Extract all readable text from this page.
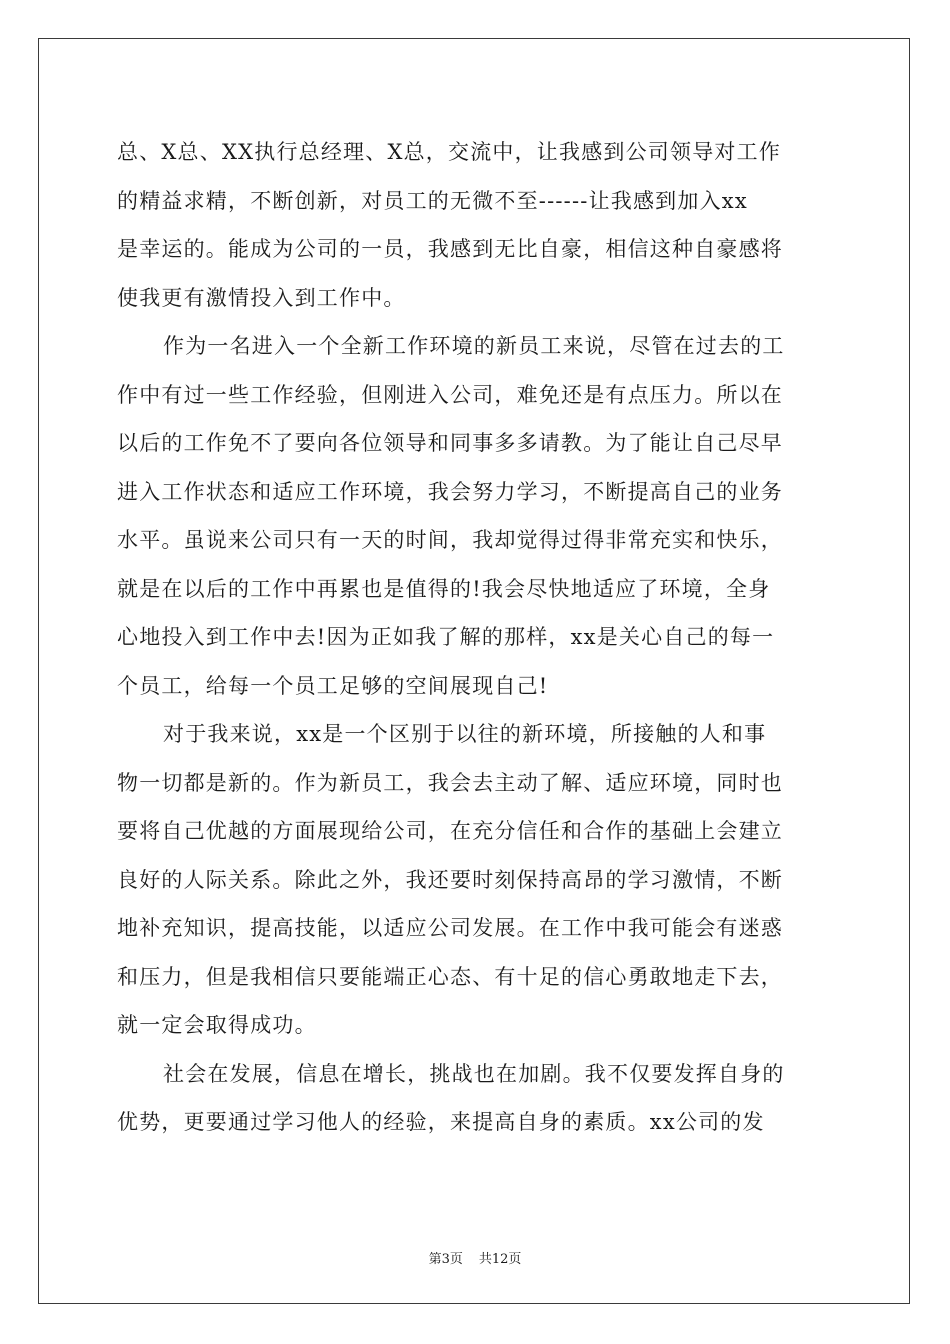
总、X总、XX执行总经理、X总，交流中，让我感到公司领导对工作
的精益求精，不断创新，对员工的无微不至------让我感到加入xx
是幸运的。能成为公司的一员，我感到无比自豪，相信这种自豪感将
使我更有激情投入到工作中。
作为一名进入一个全新工作环境的新员工来说，尽管在过去的工
作中有过一些工作经验，但刚进入公司，难免还是有点压力。所以在
以后的工作免不了要向各位领导和同事多多请教。为了能让自己尽早
进入工作状态和适应工作环境，我会努力学习，不断提高自己的业务
水平。虽说来公司只有一天的时间，我却觉得过得非常充实和快乐，
就是在以后的工作中再累也是值得的!我会尽快地适应了环境，全身
心地投入到工作中去!因为正如我了解的那样，xx是关心自己的每一
个员工，给每一个员工足够的空间展现自己!
对于我来说，xx是一个区别于以往的新环境，所接触的人和事
物一切都是新的。作为新员工，我会去主动了解、适应环境，同时也
要将自己优越的方面展现给公司，在充分信任和合作的基础上会建立
良好的人际关系。除此之外，我还要时刻保持高昂的学习激情，不断
地补充知识，提高技能，以适应公司发展。在工作中我可能会有迷惑
和压力，但是我相信只要能端正心态、有十足的信心勇敢地走下去，
就一定会取得成功。
社会在发展，信息在增长，挑战也在加剧。我不仅要发挥自身的
优势，更要通过学习他人的经验，来提高自身的素质。xx公司的发
第3页 共12页
